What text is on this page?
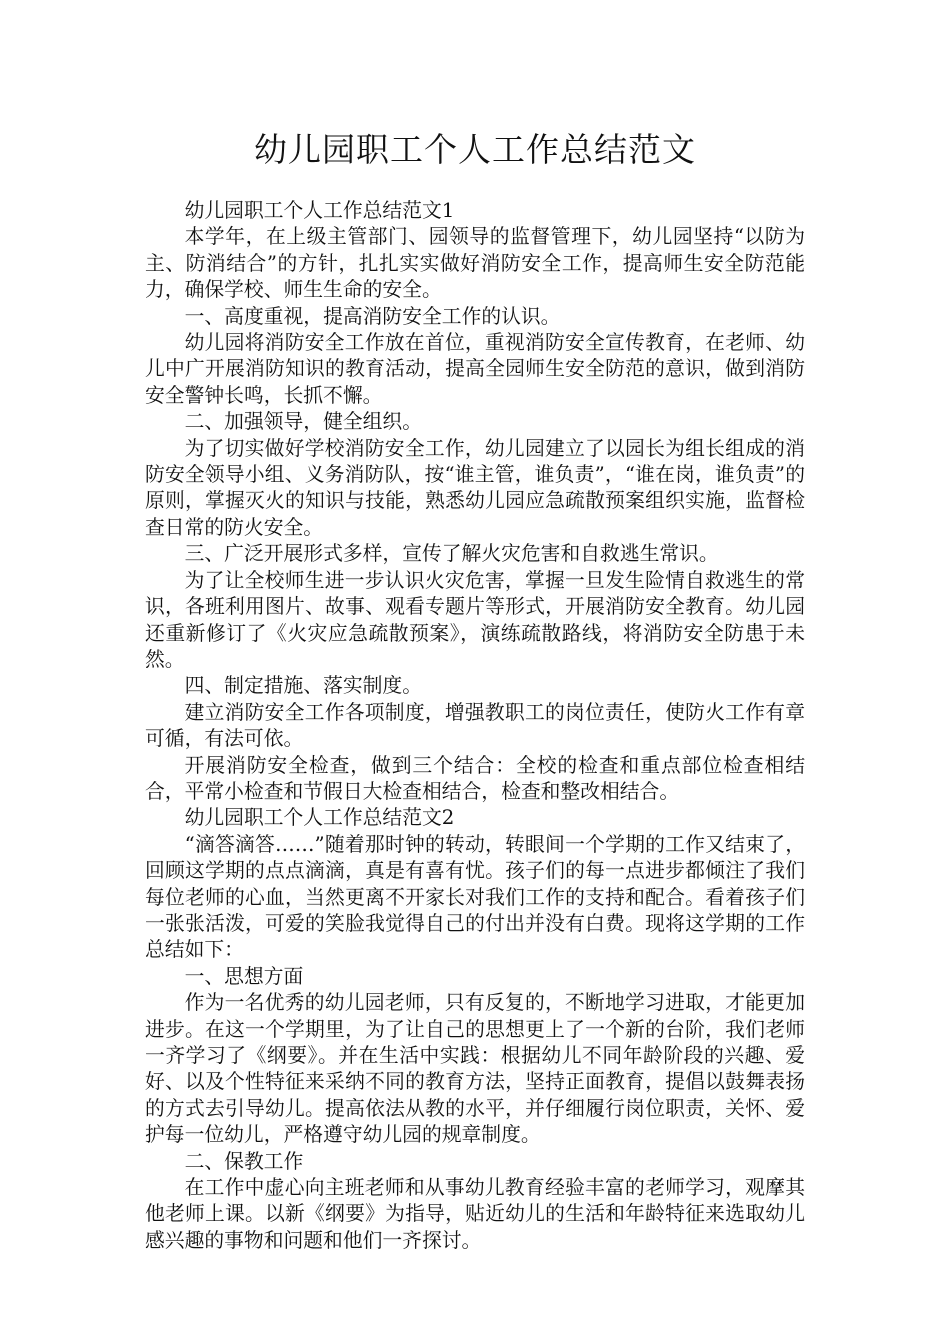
幼儿园职工个人工作总结范文

幼儿园职工个人工作总结范文1

本学年，在上级主管部门、园领导的监督管理下，幼儿园坚持“以防为主、防消结合”的方针，扎扎实实做好消防安全工作，提高师生安全防范能力，确保学校、师生生命的安全。

一、高度重视，提高消防安全工作的认识。

幼儿园将消防安全工作放在首位，重视消防安全宣传教育，在老师、幼儿中广开展消防知识的教育活动，提高全园师生安全防范的意识，做到消防安全警钟长鸣，长抓不懈。

二、加强领导，健全组织。

为了切实做好学校消防安全工作，幼儿园建立了以园长为组长组成的消防安全领导小组、义务消防队，按“谁主管，谁负责”，“谁在岗，谁负责”的原则，掌握灭火的知识与技能，熟悉幼儿园应急疏散预案组织实施，监督检查日常的防火安全。

三、广泛开展形式多样，宣传了解火灾危害和自救逃生常识。

为了让全校师生进一步认识火灾危害，掌握一旦发生险情自救逃生的常识，各班利用图片、故事、观看专题片等形式，开展消防安全教育。幼儿园还重新修订了《火灾应急疏散预案》，演练疏散路线，将消防安全防患于未然。

四、制定措施、落实制度。

建立消防安全工作各项制度，增强教职工的岗位责任，使防火工作有章可循，有法可依。

开展消防安全检查，做到三个结合：全校的检查和重点部位检查相结合，平常小检查和节假日大检查相结合，检查和整改相结合。

幼儿园职工个人工作总结范文2

“滴答滴答……”随着那时钟的转动，转眼间一个学期的工作又结束了，回顾这学期的点点滴滴，真是有喜有忧。孩子们的每一点进步都倾注了我们每位老师的心血，当然更离不开家长对我们工作的支持和配合。看着孩子们一张张活泼，可爱的笑脸我觉得自己的付出并没有白费。现将这学期的工作总结如下：

一、思想方面

作为一名优秀的幼儿园老师，只有反复的，不断地学习进取，才能更加进步。在这一个学期里，为了让自己的思想更上了一个新的台阶，我们老师一齐学习了《纲要》。并在生活中实践：根据幼儿不同年龄阶段的兴趣、爱好、以及个性特征来采纳不同的教育方法，坚持正面教育，提倡以鼓舞表扬的方式去引导幼儿。提高依法从教的水平，并仔细履行岗位职责，关怀、爱护每一位幼儿，严格遵守幼儿园的规章制度。

二、保教工作

在工作中虚心向主班老师和从事幼儿教育经验丰富的老师学习，观摩其他老师上课。以新《纲要》为指导，贴近幼儿的生活和年龄特征来选取幼儿感兴趣的事物和问题和他们一齐探讨。
